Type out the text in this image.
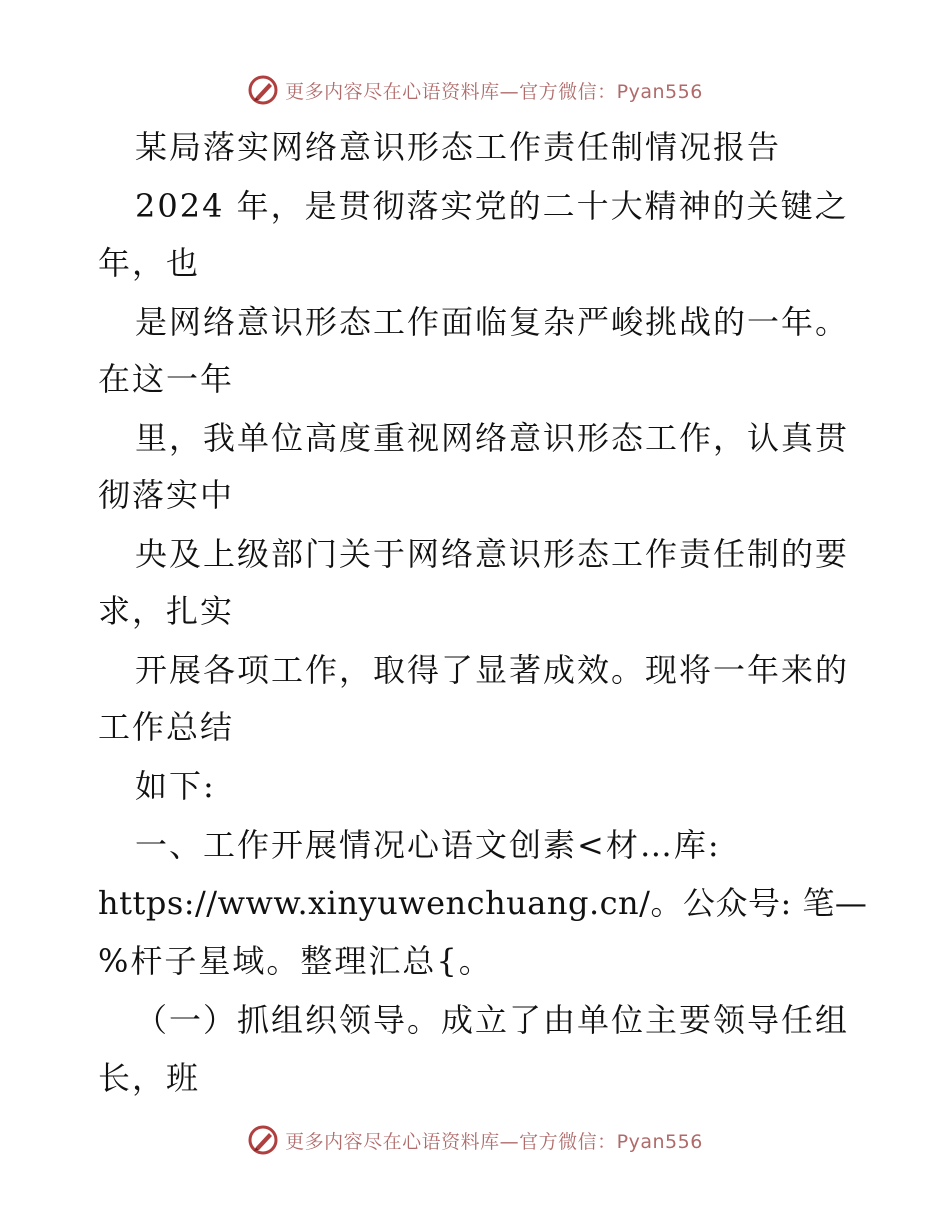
更多内容尽在心语资料库—官方微信：Pyan556
某局落实网络意识形态工作责任制情况报告
2024 年，是贯彻落实党的二十大精神的关键之
年，也
是网络意识形态工作面临复杂严峻挑战的一年。
在这一年
里，我单位高度重视网络意识形态工作，认真贯
彻落实中
央及上级部门关于网络意识形态工作责任制的要
求，扎实
开展各项工作，取得了显著成效。现将一年来的
工作总结
如下:
一、工作开展情况心语文创素<材…库:
https://www.xinyuwenchuang.cn/。公众号: 笔—
%杆子星域。整理汇总{。
（一）抓组织领导。成立了由单位主要领导任组
长，班
更多内容尽在心语资料库—官方微信：Pyan556
